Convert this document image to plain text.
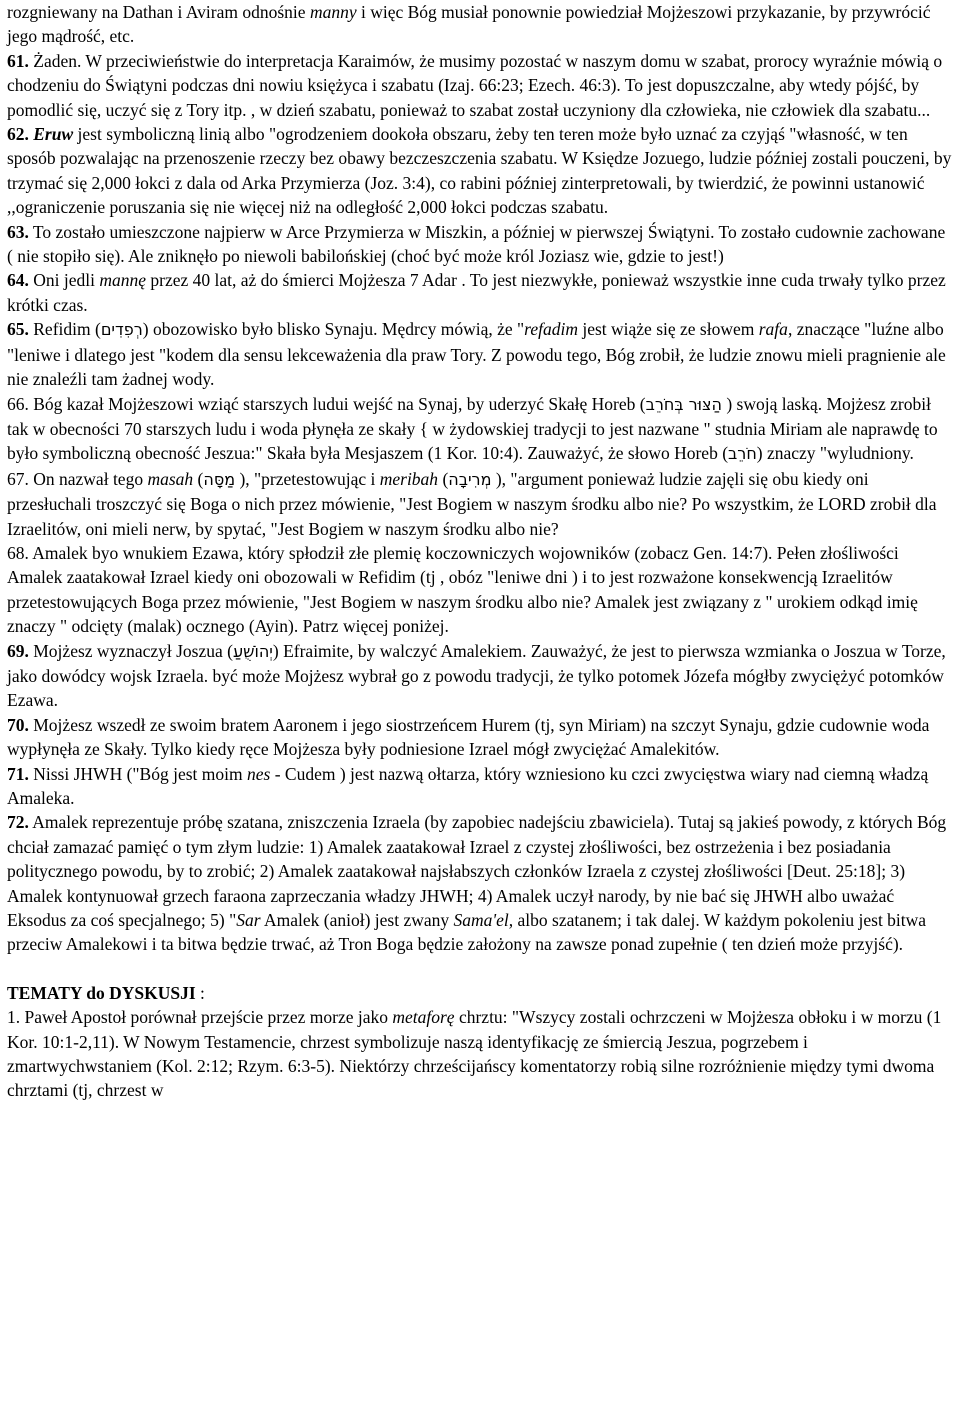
rozgniewany na Dathan i Aviram odnośnie manny i więc Bóg musiał ponownie powiedział Mojżeszowi przykazanie, by przywrócić jego mądrość, etc.

61. Żaden. W przeciwieństwie do interpretacja Karaimów, że musimy pozostać w naszym domu w szabat, prorocy wyraźnie mówią o chodzeniu do Świątyni podczas dni nowiu księżyca i szabatu (Izaj. 66:23; Ezech. 46:3). To jest dopuszczalne, aby wtedy pójść, by pomodlić się, uczyć się z Tory itp. , w dzień szabatu, ponieważ to szabat został uczyniony dla człowieka, nie człowiek dla szabatu...

62. Eruw jest symboliczną linią albo "ogrodzeniem dookoła obszaru, żeby ten teren może było uznać za czyjąś "własność, w ten sposób pozwalając na przenoszenie rzeczy bez obawy bezczeszczenia szabatu. W Księdze Jozuego, ludzie później zostali pouczeni, by trzymać się 2,000 łokci z dala od Arka Przymierza (Joz. 3:4), co rabini później zinterpretowali, by twierdzić, że powinni ustanowić ,,ograniczenie poruszania się nie więcej niż na odległość 2,000 łokci podczas szabatu.

63. To zostało umieszczone najpierw w Arce Przymierza w Miszkin, a później w pierwszej Świątyni. To zostało cudownie zachowane ( nie stopiło się). Ale zniknęło po niewoli babilońskiej (choć być może król Joziasz wie, gdzie to jest!)

64. Oni jedli mannę przez 40 lat, aż do śmierci Mojżesza 7 Adar . To jest niezwykłe, ponieważ wszystkie inne cuda trwały tylko przez krótki czas.

65. Refidim (רְפִדִים) obozowisko było blisko Synaju. Mędrcy mówią, że "refadim jest wiąże się ze słowem rafa, znaczące "luźne albo "leniwe i dlatego jest "kodem dla sensu lekceważenia dla praw Tory. Z powodu tego, Bóg zrobił, że ludzie znowu mieli pragnienie ale nie znaleźli tam żadnej wody.

66. Bóg kazał Mojżeszowi wziąć starszych ludui wejść na Synaj, by uderzyć Skałę Horeb (הַצּוּר בְּחֹרֵב ) swoją laską. Mojżesz zrobił tak w obecności 70 starszych ludu i woda płynęła ze skały { w żydowskiej tradycji to jest nazwane " studnia Miriam ale naprawdę to było symboliczną obecność Jeszua:" Skała była Mesjaszem (1 Kor. 10:4). Zauważyć, że słowo Horeb (חֹרֵב) znaczy "wyludniony.

67. On nazwał tego masah (מַסָּה ), "przetestowując i meribah (מְרִיבָה ), "argument ponieważ ludzie zajęli się obu kiedy oni przesłuchali troszczyć się Boga o nich przez mówienie, "Jest Bogiem w naszym środku albo nie? Po wszystkim, że LORD zrobił dla Izraelitów, oni mieli nerw, by spytać, "Jest Bogiem w naszym środku albo nie?

68. Amalek byo wnukiem Ezawa, który spłodził złe plemię koczowniczych wojowników (zobacz Gen. 14:7). Pełen złośliwości Amalek zaatakował Izrael kiedy oni obozowali w Refidim (tj , obóz "leniwe dni ) i to jest rozważone konsekwencją Izraelitów przetestowujących Boga przez mówienie, "Jest Bogiem w naszym środku albo nie? Amalek jest związany z " urokiem odkąd imię znaczy " odcięty (malak) ocznego (Ayin). Patrz więcej poniżej.

69. Mojżesz wyznaczył Joszua (יְהוֹשֻׁעַ) Efraimite, by walczyć Amalekiem. Zauważyć, że jest to pierwsza wzmianka o Joszua w Torze, jako dowódcy wojsk Izraela. być może Mojżesz wybrał go z powodu tradycji, że tylko potomek Józefa mógłby zwyciężyć potomków Ezawa.

70. Mojżesz wszedł ze swoim bratem Aaronem i jego siostrzeńcem Hurem (tj, syn Miriam) na szczyt Synaju, gdzie cudownie woda wypłynęła ze Skały. Tylko kiedy ręce Mojżesza były podniesione Izrael mógł zwyciężać Amalekitów.

71. Nissi JHWH ("Bóg jest moim nes - Cudem ) jest nazwą ołtarza, który wzniesiono ku czci zwycięstwa wiary nad ciemną władzą Amaleka.

72. Amalek reprezentuje próbę szatana, zniszczenia Izraela (by zapobiec nadejściu zbawiciela). Tutaj są jakieś powody, z których Bóg chciał zamazać pamięć o tym złym ludzie: 1) Amalek zaatakował Izrael z czystej złośliwości, bez ostrzeżenia i bez posiadania politycznego powodu, by to zrobić; 2) Amalek zaatakował najsłabszych członków Izraela z czystej złośliwości [Deut. 25:18]; 3) Amalek kontynuował grzech faraona zaprzeczania władzy JHWH; 4) Amalek uczył narody, by nie bać się JHWH albo uważać Eksodus za coś specjalnego; 5) "Sar Amalek (anioł) jest zwany Sama'el, albo szatanem; i tak dalej. W każdym pokoleniu jest bitwa przeciw Amalekowi i ta bitwa będzie trwać, aż Tron Boga będzie założony na zawsze ponad zupełnie ( ten dzień może przyjść).

TEMATY do DYSKUSJI :

1. Paweł Apostoł porównał przejście przez morze jako metaforę chrztu: "Wszycy zostali ochrzczeni w Mojżesza obłoku i w morzu (1 Kor. 10:1-2,11). W Nowym Testamencie, chrzest symbolizuje naszą identyfikację ze śmiercią Jeszua, pogrzebem i zmartwychwstaniem (Kol. 2:12; Rzym. 6:3-5). Niektórzy chrześcijańscy komentatorzy robią silne rozróżnienie między tymi dwoma chrztami (tj, chrzest w
